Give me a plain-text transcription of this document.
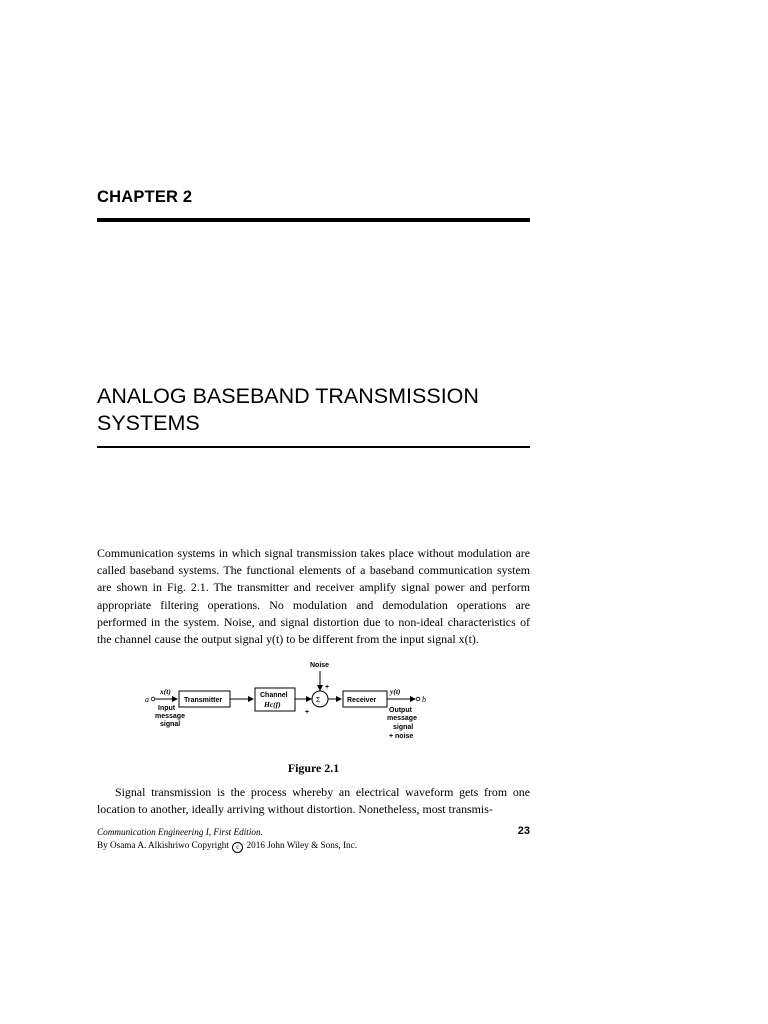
CHAPTER 2
ANALOG BASEBAND TRANSMISSION SYSTEMS

Communication systems in which signal transmission takes place without modulation are called baseband systems. The functional elements of a baseband communication system are shown in Fig. 2.1. The transmitter and receiver amplify signal power and perform appropriate filtering operations. No modulation and demodulation operations are performed in the system. Noise, and signal distortion due to non-ideal characteristics of the channel cause the output signal y(t) to be different from the input signal x(t).

Noise
+
x(t)
a
Input
message
signal
Transmitter
Channel
Hc(f)
+
Σ	Receiver	b
y(t)
Output
message
signal
+ noise
Figure 2.1

Signal transmission is the process whereby an electrical waveform gets from one location to another, ideally arriving without distortion. Nonetheless, most transmis-

Communication Engineering I, First Edition.
By Osama A. Alkishriwo Copyright c 2016 John Wiley & Sons, Inc.
23
